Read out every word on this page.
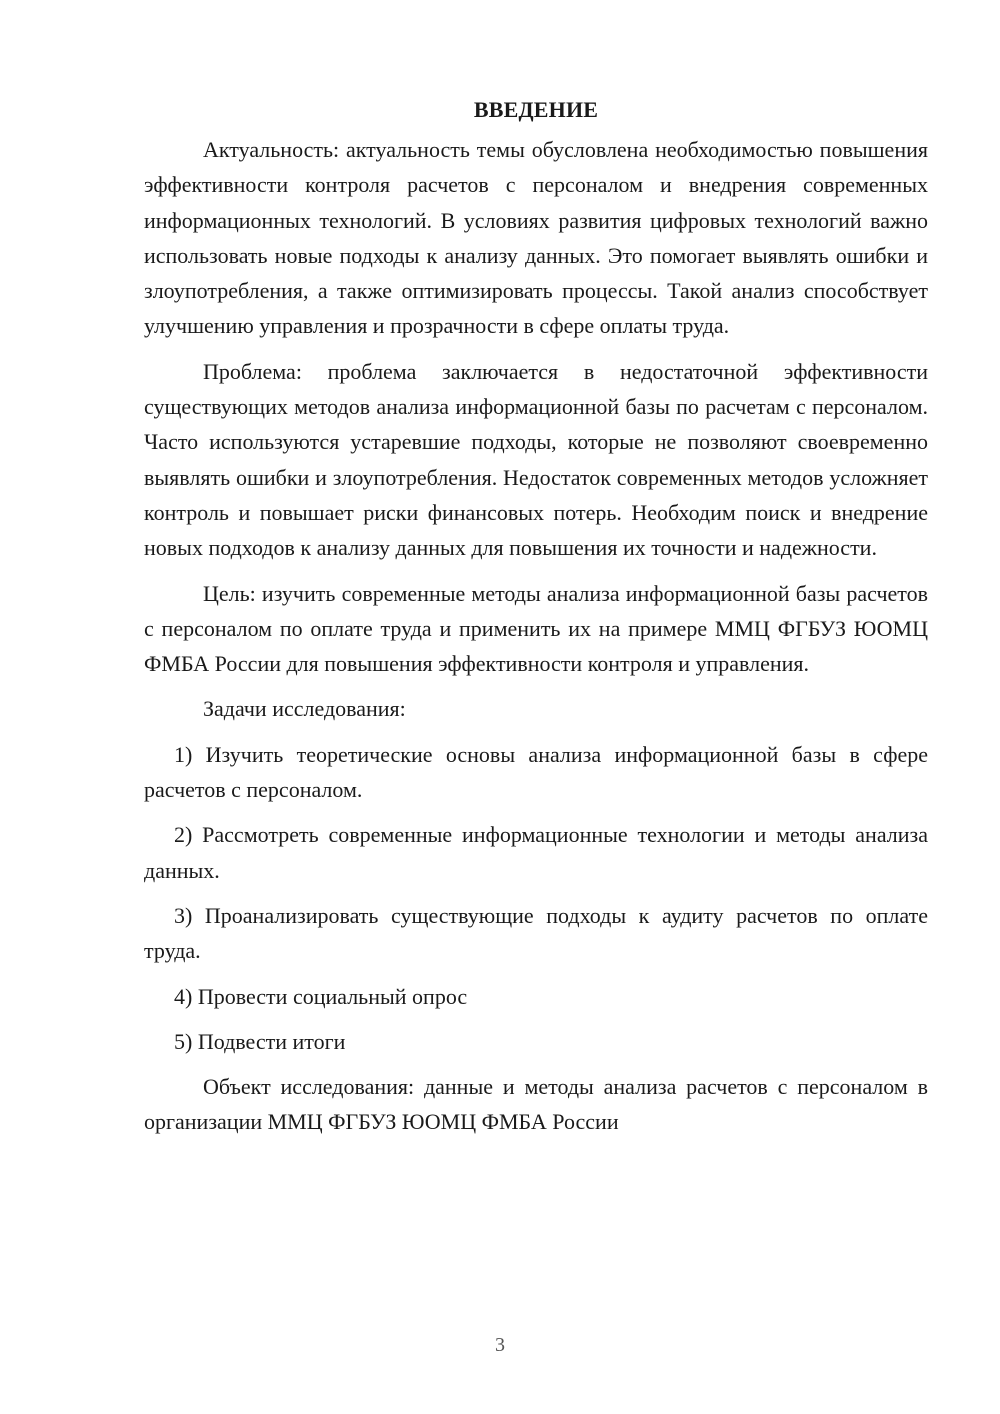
ВВЕДЕНИЕ

Актуальность: актуальность темы обусловлена необходимостью повышения эффективности контроля расчетов с персоналом и внедрения современных информационных технологий. В условиях развития цифровых технологий важно использовать новые подходы к анализу данных. Это помогает выявлять ошибки и злоупотребления, а также оптимизировать процессы. Такой анализ способствует улучшению управления и прозрачности в сфере оплаты труда.

Проблема: проблема заключается в недостаточной эффективности существующих методов анализа информационной базы по расчетам с персоналом. Часто используются устаревшие подходы, которые не позволяют своевременно выявлять ошибки и злоупотребления. Недостаток современных методов усложняет контроль и повышает риски финансовых потерь. Необходим поиск и внедрение новых подходов к анализу данных для повышения их точности и надежности.

Цель: изучить современные методы анализа информационной базы расчетов с персоналом по оплате труда и применить их на примере ММЦ ФГБУЗ ЮОМЦ ФМБА России для повышения эффективности контроля и управления.

Задачи исследования:

1) Изучить теоретические основы анализа информационной базы в сфере расчетов с персоналом.

2) Рассмотреть современные информационные технологии и методы анализа данных.

3) Проанализировать существующие подходы к аудиту расчетов по оплате труда.

4) Провести социальный опрос

5) Подвести итоги

Объект исследования: данные и методы анализа расчетов с персоналом в организации ММЦ ФГБУЗ ЮОМЦ ФМБА России

3
